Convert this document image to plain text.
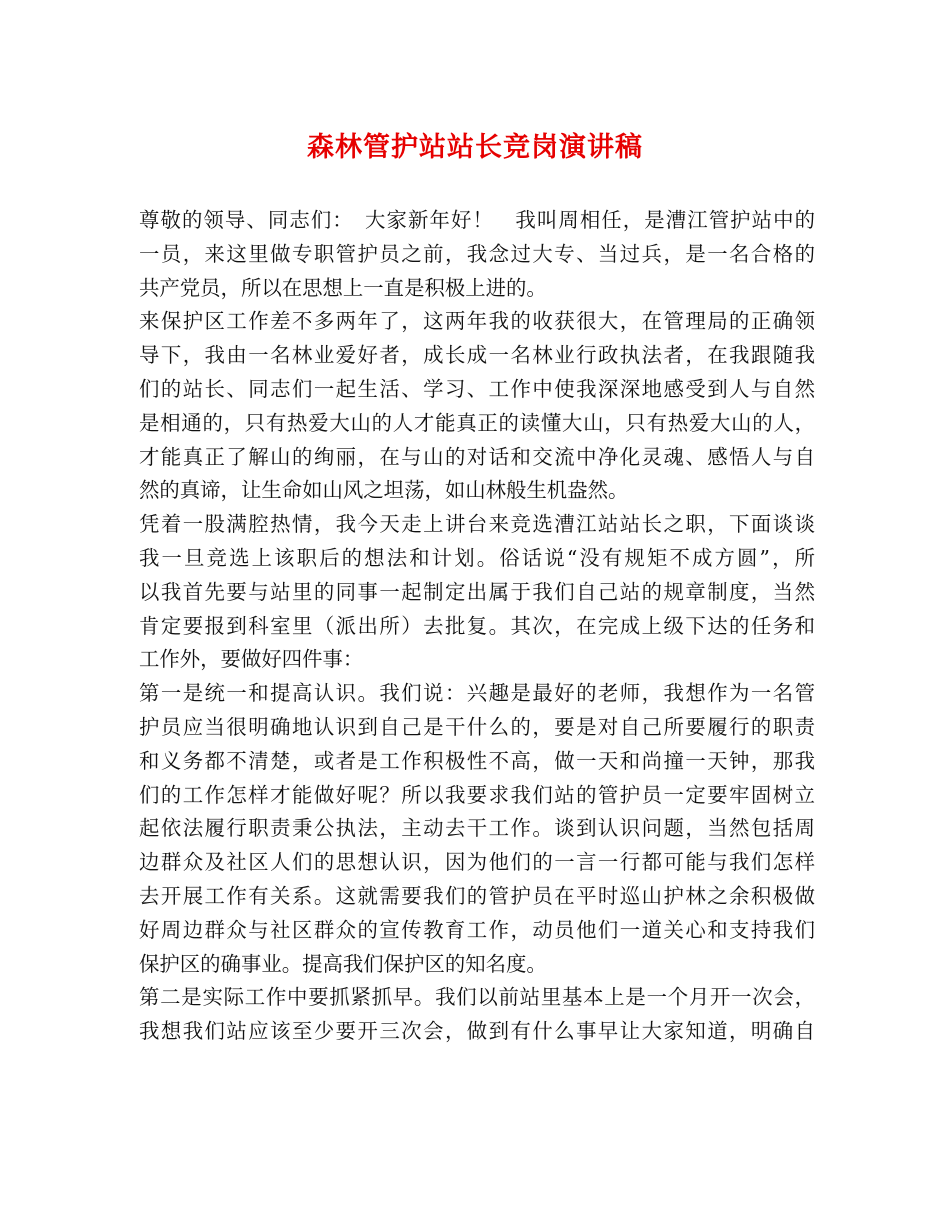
森林管护站站长竞岗演讲稿
尊敬的领导、同志们：　大家新年好！　我叫周相任，是漕江管护站中的
一员，来这里做专职管护员之前，我念过大专、当过兵，是一名合格的
共产党员，所以在思想上一直是积极上进的。
来保护区工作差不多两年了，这两年我的收获很大，在管理局的正确领
导下，我由一名林业爱好者，成长成一名林业行政执法者，在我跟随我
们的站长、同志们一起生活、学习、工作中使我深深地感受到人与自然
是相通的，只有热爱大山的人才能真正的读懂大山，只有热爱大山的人，
才能真正了解山的绚丽，在与山的对话和交流中净化灵魂、感悟人与自
然的真谛，让生命如山风之坦荡，如山林般生机盎然。
凭着一股满腔热情，我今天走上讲台来竞选漕江站站长之职，下面谈谈
我一旦竞选上该职后的想法和计划。俗话说“没有规矩不成方圆”，所
以我首先要与站里的同事一起制定出属于我们自己站的规章制度，当然
肯定要报到科室里（派出所）去批复。其次，在完成上级下达的任务和
工作外，要做好四件事：
第一是统一和提高认识。我们说：兴趣是最好的老师，我想作为一名管
护员应当很明确地认识到自己是干什么的，要是对自己所要履行的职责
和义务都不清楚，或者是工作积极性不高，做一天和尚撞一天钟，那我
们的工作怎样才能做好呢？所以我要求我们站的管护员一定要牢固树立
起依法履行职责秉公执法，主动去干工作。谈到认识问题，当然包括周
边群众及社区人们的思想认识，因为他们的一言一行都可能与我们怎样
去开展工作有关系。这就需要我们的管护员在平时巡山护林之余积极做
好周边群众与社区群众的宣传教育工作，动员他们一道关心和支持我们
保护区的确事业。提高我们保护区的知名度。
第二是实际工作中要抓紧抓早。我们以前站里基本上是一个月开一次会，
我想我们站应该至少要开三次会，做到有什么事早让大家知道，明确自
